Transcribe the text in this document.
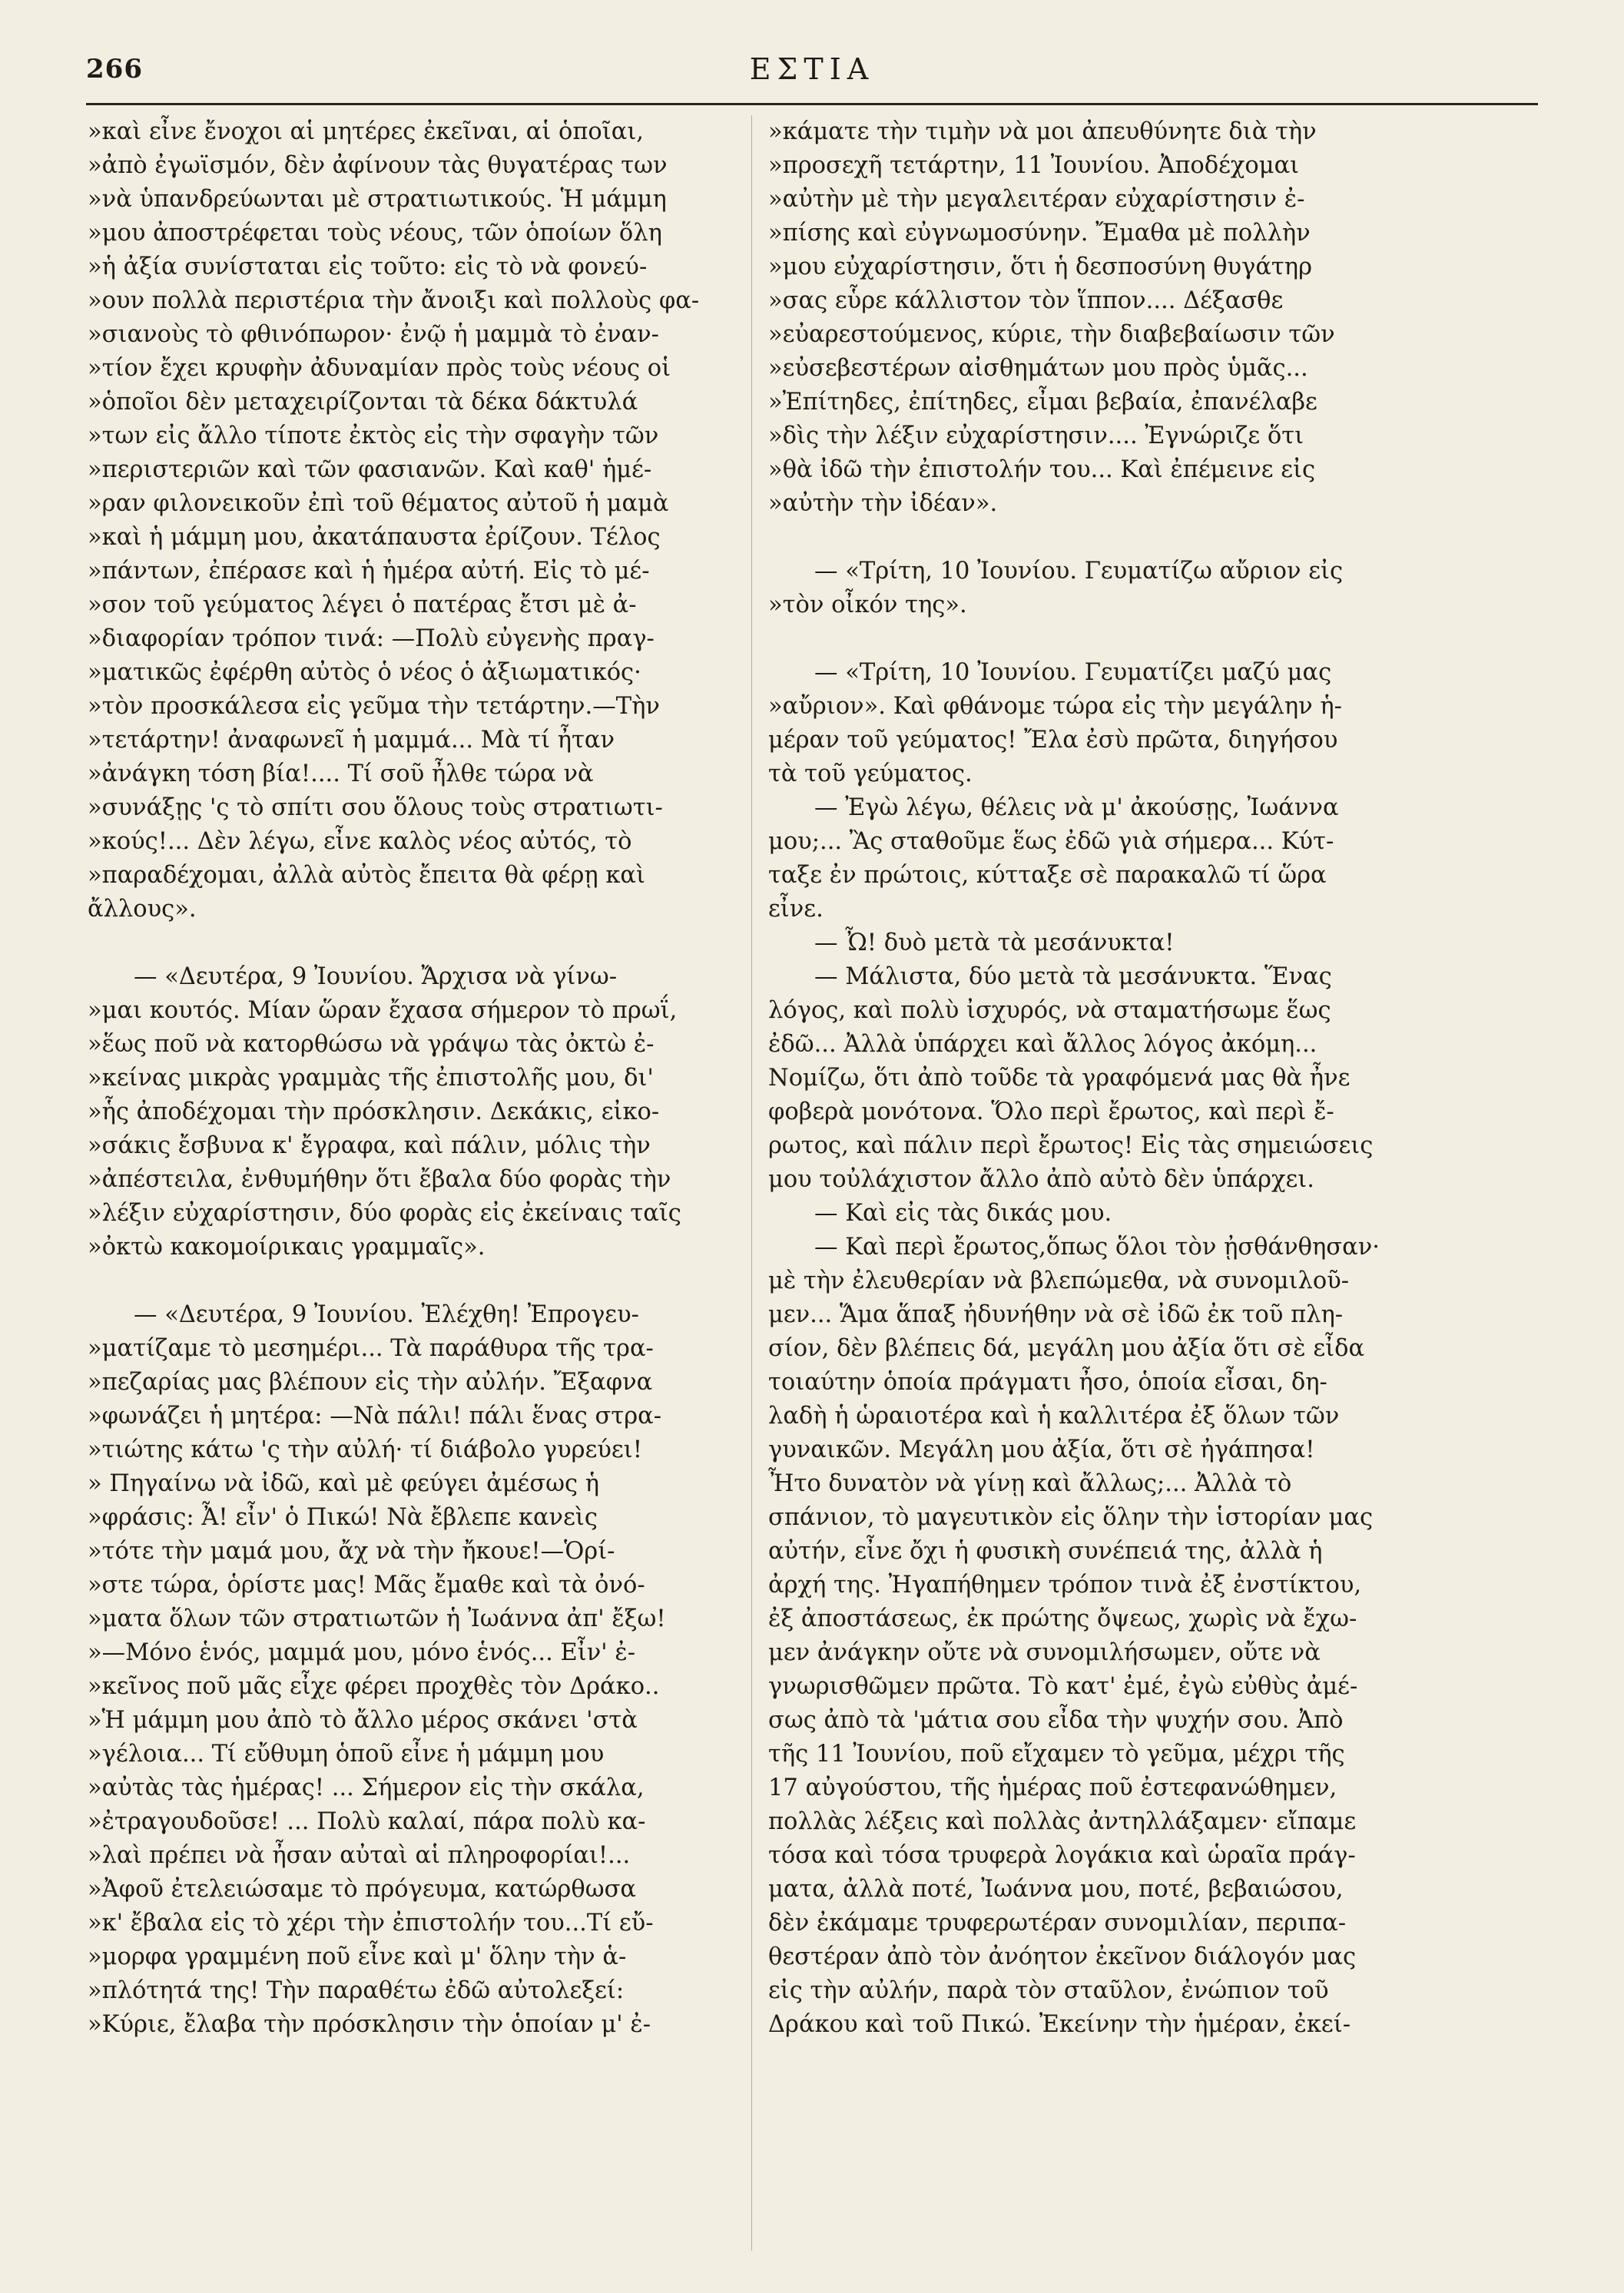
266	ΕΣΤΙΑ

»καὶ εἶνε ἔνοχοι αἱ μητέρες ἐκεῖναι, αἱ ὁποῖαι,

»ἀπὸ ἐγωϊσμόν, δὲν ἀφίνουν τὰς θυγατέρας των

»νὰ ὑπανδρεύωνται μὲ στρατιωτικούς. Ἡ μάμμη

»μου ἀποστρέφεται τοὺς νέους, τῶν ὁποίων ὅλη

»ἡ ἀξία συνίσταται εἰς τοῦτο: εἰς τὸ νὰ φονεύ-

»ουν πολλὰ περιστέρια τὴν ἄνοιξι καὶ πολλοὺς φα-

»σιανοὺς τὸ φθινόπωρον· ἐνῷ ἡ μαμμὰ τὸ ἐναν-

»τίον ἔχει κρυφὴν ἀδυναμίαν πρὸς τοὺς νέους οἱ

»ὁποῖοι δὲν μεταχειρίζονται τὰ δέκα δάκτυλά

»των εἰς ἄλλο τίποτε ἐκτὸς εἰς τὴν σφαγὴν τῶν

»περιστεριῶν καὶ τῶν φασιανῶν. Καὶ καθ' ἡμέ-

»ραν φιλονεικοῦν ἐπὶ τοῦ θέματος αὐτοῦ ἡ μαμὰ

»καὶ ἡ μάμμη μου, ἀκατάπαυστα ἐρίζουν. Τέλος

»πάντων, ἐπέρασε καὶ ἡ ἡμέρα αὐτή. Εἰς τὸ μέ-

»σον τοῦ γεύματος λέγει ὁ πατέρας ἔτσι μὲ ἀ-

»διαφορίαν τρόπον τινά: —Πολὺ εὐγενὴς πραγ-

»ματικῶς ἐφέρθη αὐτὸς ὁ νέος ὁ ἀξιωματικός·

»τὸν προσκάλεσα εἰς γεῦμα τὴν τετάρτην.—Τὴν

»τετάρτην! ἀναφωνεῖ ἡ μαμμά... Μὰ τί ἦταν

»ἀνάγκη τόση βία!.... Τί σοῦ ἦλθε τώρα νὰ

»συνάξῃς 'ς τὸ σπίτι σου ὅλους τοὺς στρατιωτι-

»κούς!... Δὲν λέγω, εἶνε καλὸς νέος αὐτός, τὸ

»παραδέχομαι, ἀλλὰ αὐτὸς ἔπειτα θὰ φέρῃ καὶ

ἄλλους».

— «Δευτέρα, 9 Ἰουνίου. Ἄρχισα νὰ γίνω-

»μαι κουτός. Μίαν ὥραν ἔχασα σήμερον τὸ πρωΐ,

»ἕως ποῦ νὰ κατορθώσω νὰ γράψω τὰς ὀκτὼ ἐ-

»κείνας μικρὰς γραμμὰς τῆς ἐπιστολῆς μου, δι'

»ἧς ἀποδέχομαι τὴν πρόσκλησιν. Δεκάκις, εἰκο-

»σάκις ἔσβυνα κ' ἔγραφα, καὶ πάλιν, μόλις τὴν

»ἀπέστειλα, ἐνθυμήθην ὅτι ἔβαλα δύο φορὰς τὴν

»λέξιν εὐχαρίστησιν, δύο φορὰς εἰς ἐκείναις ταῖς

»ὀκτὼ κακομοίρικαις γραμμαῖς».

— «Δευτέρα, 9 Ἰουνίου. Ἐλέχθη! Ἐπρογευ-

»ματίζαμε τὸ μεσημέρι... Τὰ παράθυρα τῆς τρα-

»πεζαρίας μας βλέπουν εἰς τὴν αὐλήν. Ἔξαφνα

»φωνάζει ἡ μητέρα: —Νὰ πάλι! πάλι ἕνας στρα-

»τιώτης κάτω 'ς τὴν αὐλή· τί διάβολο γυρεύει!

» Πηγαίνω νὰ ἰδῶ, καὶ μὲ φεύγει ἀμέσως ἡ

»φράσις: Ἆ! εἶν' ὁ Πικώ! Νὰ ἔβλεπε κανεὶς

»τότε τὴν μαμά μου, ἄχ νὰ τὴν ἤκουε!—Ὁρί-

»στε τώρα, ὁρίστε μας! Μᾶς ἔμαθε καὶ τὰ ὀνό-

»ματα ὅλων τῶν στρατιωτῶν ἡ Ἰωάννα ἀπ' ἔξω!

»—Μόνο ἑνός, μαμμά μου, μόνο ἑνός... Εἶν' ἐ-

»κεῖνος ποῦ μᾶς εἶχε φέρει προχθὲς τὸν Δράκο..

»Ἡ μάμμη μου ἀπὸ τὸ ἄλλο μέρος σκάνει 'στὰ

»γέλοια... Τί εὔθυμη ὁποῦ εἶνε ἡ μάμμη μου

»αὐτὰς τὰς ἡμέρας! ... Σήμερον εἰς τὴν σκάλα,

»ἐτραγουδοῦσε! ... Πολὺ καλαί, πάρα πολὺ κα-

»λαὶ πρέπει νὰ ἦσαν αὐταὶ αἱ πληροφορίαι!...

»Ἀφοῦ ἐτελειώσαμε τὸ πρόγευμα, κατώρθωσα

»κ' ἔβαλα εἰς τὸ χέρι τὴν ἐπιστολήν του...Τί εὔ-

»μορφα γραμμένη ποῦ εἶνε καὶ μ' ὅλην τὴν ἁ-

»πλότητά της! Τὴν παραθέτω ἐδῶ αὐτολεξεί:

»Κύριε, ἔλαβα τὴν πρόσκλησιν τὴν ὁποίαν μ' ἐ-

»κάματε τὴν τιμὴν νὰ μοι ἀπευθύνητε διὰ τὴν

»προσεχῆ τετάρτην, 11 Ἰουνίου. Ἀποδέχομαι

»αὐτὴν μὲ τὴν μεγαλειτέραν εὐχαρίστησιν ἐ-

»πίσης καὶ εὐγνωμοσύνην. Ἔμαθα μὲ πολλὴν

»μου εὐχαρίστησιν, ὅτι ἡ δεσποσύνη θυγάτηρ

»σας εὗρε κάλλιστον τὸν ἵππον.... Δέξασθε

»εὐαρεστούμενος, κύριε, τὴν διαβεβαίωσιν τῶν

»εὐσεβεστέρων αἰσθημάτων μου πρὸς ὑμᾶς...

»Ἐπίτηδες, ἐπίτηδες, εἶμαι βεβαία, ἐπανέλαβε

»δὶς τὴν λέξιν εὐχαρίστησιν.... Ἐγνώριζε ὅτι

»θὰ ἰδῶ τὴν ἐπιστολήν του... Καὶ ἐπέμεινε εἰς

»αὐτὴν τὴν ἰδέαν».

— «Τρίτη, 10 Ἰουνίου. Γευματίζω αὔριον εἰς

»τὸν οἶκόν της».

— «Τρίτη, 10 Ἰουνίου. Γευματίζει μαζύ μας

»αὔριον». Καὶ φθάνομε τώρα εἰς τὴν μεγάλην ἡ-

μέραν τοῦ γεύματος! Ἔλα ἐσὺ πρῶτα, διηγήσου

τὰ τοῦ γεύματος.

— Ἐγὼ λέγω, θέλεις νὰ μ' ἀκούσῃς, Ἰωάννα

μου;... Ἂς σταθοῦμε ἕως ἐδῶ γιὰ σήμερα... Κύτ-

ταξε ἐν πρώτοις, κύτταξε σὲ παρακαλῶ τί ὥρα

εἶνε.

— Ὦ! δυὸ μετὰ τὰ μεσάνυκτα!

— Μάλιστα, δύο μετὰ τὰ μεσάνυκτα. Ἕνας

λόγος, καὶ πολὺ ἰσχυρός, νὰ σταματήσωμε ἕως

ἐδῶ... Ἀλλὰ ὑπάρχει καὶ ἄλλος λόγος ἀκόμη...

Νομίζω, ὅτι ἀπὸ τοῦδε τὰ γραφόμενά μας θὰ ἦνε

φοβερὰ μονότονα. Ὅλο περὶ ἔρωτος, καὶ περὶ ἔ-

ρωτος, καὶ πάλιν περὶ ἔρωτος! Εἰς τὰς σημειώσεις

μου τοὐλάχιστον ἄλλο ἀπὸ αὐτὸ δὲν ὑπάρχει.

— Καὶ εἰς τὰς δικάς μου.

— Καὶ περὶ ἔρωτος,ὅπως ὅλοι τὸν ᾐσθάνθησαν·

μὲ τὴν ἐλευθερίαν νὰ βλεπώμεθα, νὰ συνομιλοῦ-

μεν... Ἅμα ἅπαξ ἠδυνήθην νὰ σὲ ἰδῶ ἐκ τοῦ πλη-

σίον, δὲν βλέπεις δά, μεγάλη μου ἀξία ὅτι σὲ εἶδα

τοιαύτην ὁποία πράγματι ἦσο, ὁποία εἶσαι, δη-

λαδὴ ἡ ὡραιοτέρα καὶ ἡ καλλιτέρα ἐξ ὅλων τῶν

γυναικῶν. Μεγάλη μου ἀξία, ὅτι σὲ ἠγάπησα!

Ἦτο δυνατὸν νὰ γίνῃ καὶ ἄλλως;... Ἀλλὰ τὸ

σπάνιον, τὸ μαγευτικὸν εἰς ὅλην τὴν ἱστορίαν μας

αὐτήν, εἶνε ὄχι ἡ φυσικὴ συνέπειά της, ἀλλὰ ἡ

ἀρχή της. Ἠγαπήθημεν τρόπον τινὰ ἐξ ἐνστίκτου,

ἐξ ἀποστάσεως, ἐκ πρώτης ὄψεως, χωρὶς νὰ ἔχω-

μεν ἀνάγκην οὔτε νὰ συνομιλήσωμεν, οὔτε νὰ

γνωρισθῶμεν πρῶτα. Τὸ κατ' ἐμέ, ἐγὼ εὐθὺς ἀμέ-

σως ἀπὸ τὰ 'μάτια σου εἶδα τὴν ψυχήν σου. Ἀπὸ

τῆς 11 Ἰουνίου, ποῦ εἴχαμεν τὸ γεῦμα, μέχρι τῆς

17 αὐγούστου, τῆς ἡμέρας ποῦ ἐστεφανώθημεν,

πολλὰς λέξεις καὶ πολλὰς ἀντηλλάξαμεν· εἴπαμε

τόσα καὶ τόσα τρυφερὰ λογάκια καὶ ὡραῖα πράγ-

ματα, ἀλλὰ ποτέ, Ἰωάννα μου, ποτέ, βεβαιώσου,

δὲν ἐκάμαμε τρυφερωτέραν συνομιλίαν, περιπα-

θεστέραν ἀπὸ τὸν ἀνόητον ἐκεῖνον διάλογόν μας

εἰς τὴν αὐλήν, παρὰ τὸν σταῦλον, ἐνώπιον τοῦ

Δράκου καὶ τοῦ Πικώ. Ἐκείνην τὴν ἡμέραν, ἐκεί-
